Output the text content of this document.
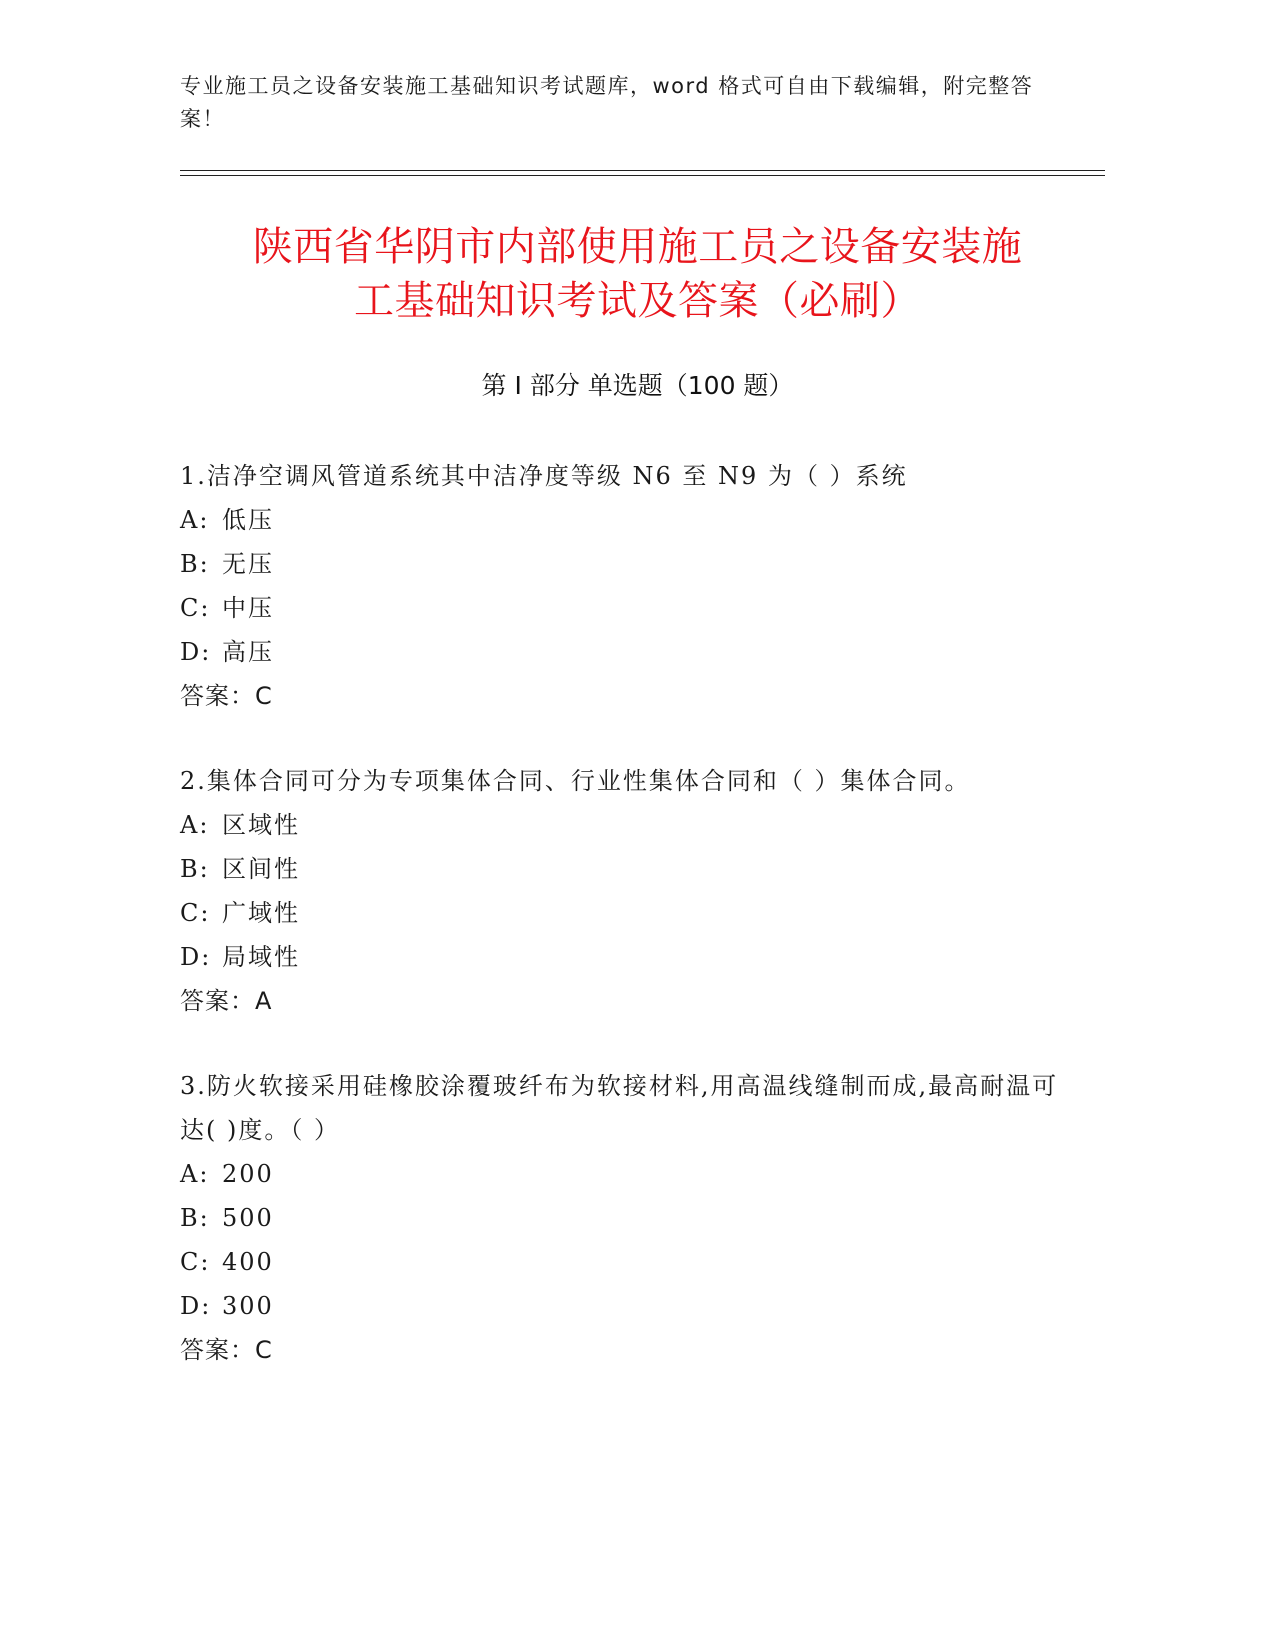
专业施工员之设备安装施工基础知识考试题库，word 格式可自由下载编辑，附完整答案！
陕西省华阴市内部使用施工员之设备安装施
工基础知识考试及答案（必刷）
第 I 部分 单选题（100 题）
1.洁净空调风管道系统其中洁净度等级 N6 至 N9 为（ ）系统
A: 低压
B: 无压
C: 中压
D: 高压
答案：C
2.集体合同可分为专项集体合同、行业性集体合同和（ ）集体合同。
A: 区域性
B: 区间性
C: 广域性
D: 局域性
答案：A
3.防火软接采用硅橡胶涂覆玻纤布为软接材料,用高温线缝制而成,最高耐温可达( )度。（ ）
A: 200
B: 500
C: 400
D: 300
答案：C
